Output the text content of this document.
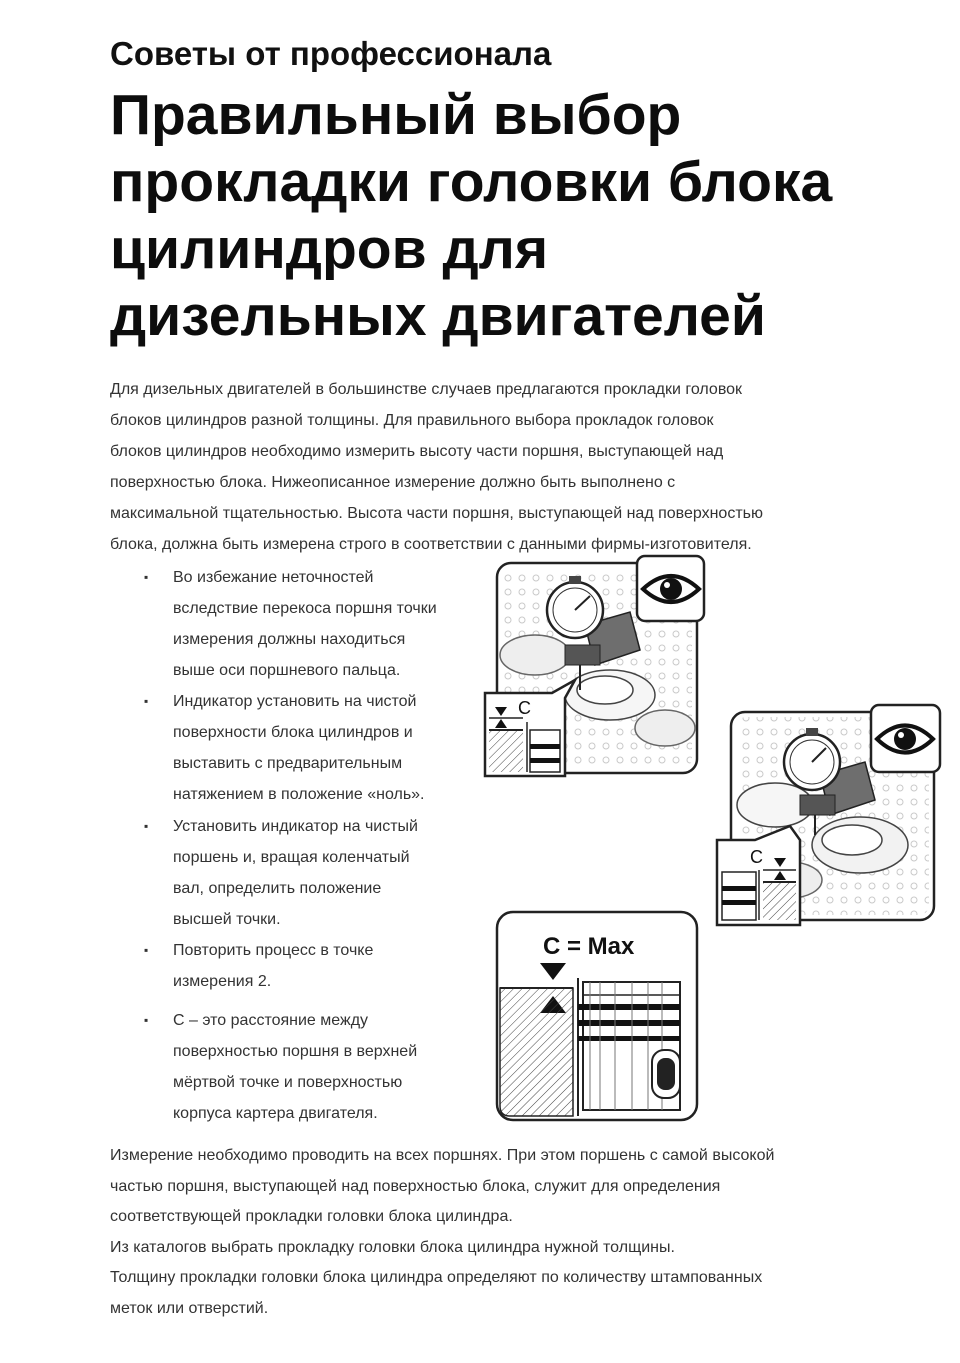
Советы от профессионала
Правильный выбор
прокладки головки блока
цилиндров для
дизельных двигателей
Для дизельных двигателей в большинстве случаев предлагаются прокладки головок
блоков цилиндров разной толщины. Для правильного выбора прокладок головок
блоков цилиндров необходимо измерить высоту части поршня, выступающей над
поверхностью блока. Нижеописанное измерение должно быть выполнено с
максимальной тщательностью. Высота части поршня, выступающей над поверхностью
блока, должна быть измерена строго в соответствии с данными фирмы-изготовителя.
▪ Во избежание неточностей
вследствие перекоса поршня точки
измерения должны находиться
выше оси поршневого пальца.
▪ Индикатор установить на чистой
поверхности блока цилиндров и
выставить с предварительным
натяжением в положение «ноль».
▪ Установить индикатор на чистый
поршень и, вращая коленчатый
вал, определить положение
высшей точки.
▪ Повторить процесс в точке
измерения 2.
▪ С – это расстояние между
поверхностью поршня в верхней
мёртвой точке и поверхностью
корпуса картера двигателя.
C
C
C = Max
Измерение необходимо проводить на всех поршнях. При этом поршень с самой высокой
частью поршня, выступающей над поверхностью блока, служит для определения
соответствующей прокладки головки блока цилиндра.
Из каталогов выбрать прокладку головки блока цилиндра нужной толщины.
Толщину прокладки головки блока цилиндра определяют по количеству штампованных
меток или отверстий.
